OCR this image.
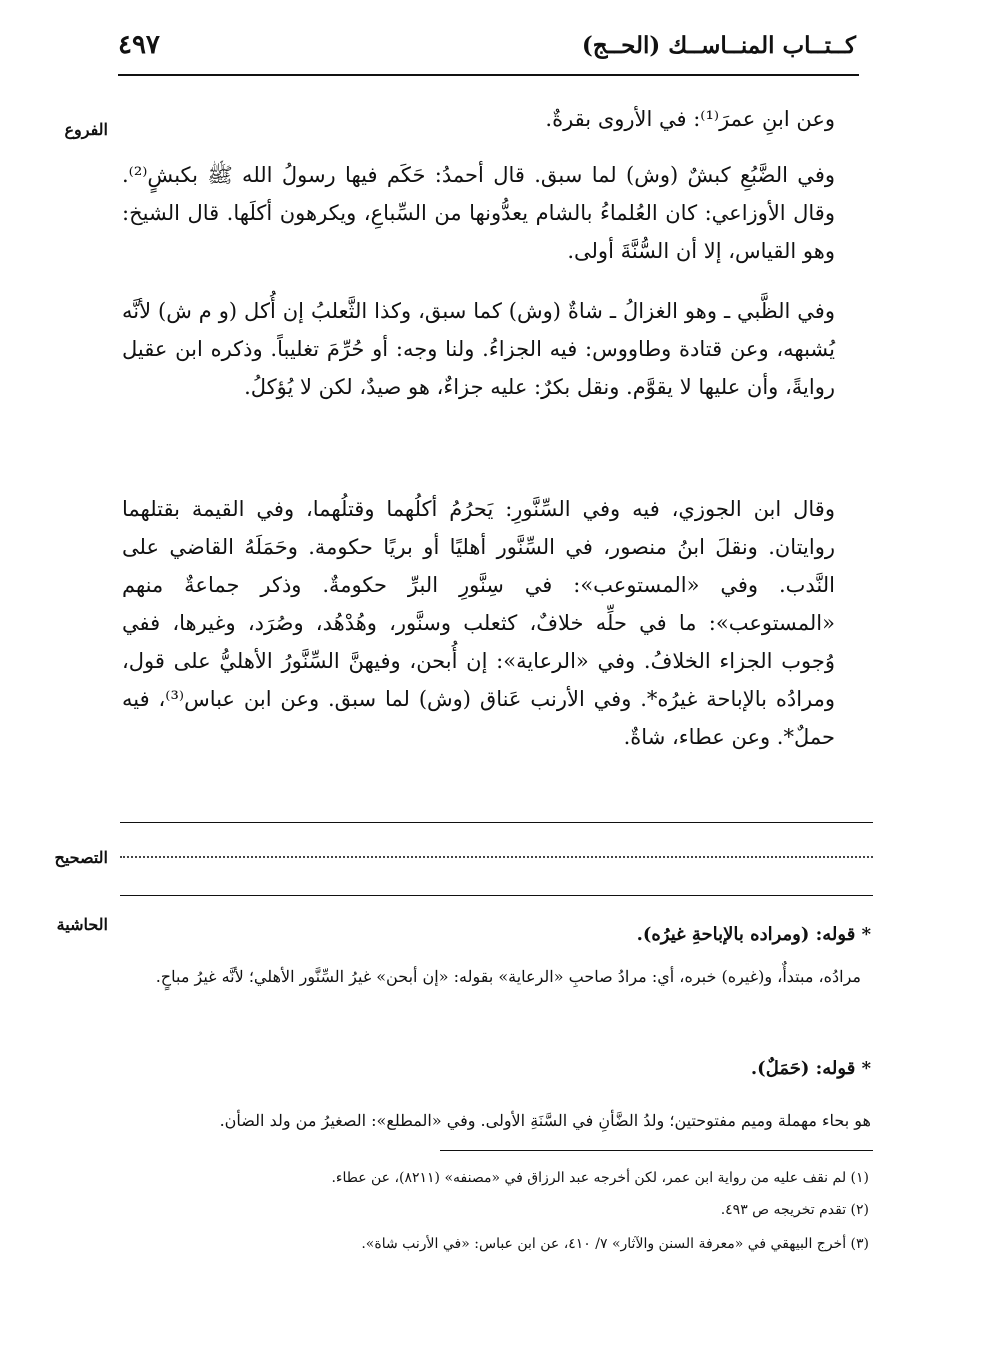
٤٩٧	كــتــاب المنــاســك (الحــج)
الفروع
التصحيح
الحاشية
وعن ابنِ عمرَ⁽¹⁾: في الأروى بقرةٌ.
وفي الضَّبُعِ كبشٌ (وش) لما سبق. قال أحمدُ: حَكَم فيها رسولُ الله ﷺ بكبشٍ⁽²⁾. وقال الأوزاعي: كان العُلماءُ بالشام يعدُّونها من السِّباعِ، ويكرهون أكلَها. قال الشيخ: وهو القياس، إلا أن السُّنَّةَ أولى.
وفي الظَّبي ـ وهو الغزالُ ـ شاةٌ (وش) كما سبق، وكذا الثَّعلبُ إن أُكل (و م ش) لأنَّه يُشبهه، وعن قتادة وطاووس: فيه الجزاءُ. ولنا وجه: أو حُرِّمَ تغليباً. وذكره ابن عقيل روايةً، وأن عليها لا يقوَّم. ونقل بكرٌ: عليه جزاءٌ، هو صيدٌ، لكن لا يُؤكلُ.
وقال ابن الجوزي، فيه وفي السِّنَّورِ: يَحرُمُ أكلُهما وقتلُهما، وفي القيمة بقتلهما روايتان. ونقلَ ابنُ منصور، في السِّنَّور أهليًا أو بريًا حكومة. وحَمَلَهُ القاضي على النَّدب. وفي «المستوعب»: في سِنَّورِ البرِّ حكومةٌ. وذكر جماعةٌ منهم «المستوعب»: ما في حلِّه خلافٌ، كثعلب وسنَّور، وهُدْهُد، وصُرَد، وغيرها، ففي وُجوب الجزاء الخلافُ. وفي «الرعاية»: إن أُبحن، وفيهنَّ السِّنَّورُ الأهليُّ على قول، ومرادُه بالإباحة غيرُه*. وفي الأرنب عَناق (وش) لما سبق. وعن ابن عباس⁽³⁾، فيه حملٌ*. وعن عطاء، شاةٌ.
* قوله: (ومراده بالإباحةِ غيرُه).
مرادُه، مبتدأٌ، و(غيره) خبره، أي: مرادُ صاحبِ «الرعاية» بقوله: «إن أبحن» غيرُ السِّنَّور الأهلي؛ لأنَّه غيرُ مباحٍ.
* قوله: (حَمَلٌ).
هو بحاء مهملة وميم مفتوحتين؛ ولدُ الضَّأنِ في السَّنَةِ الأولى. وفي «المطلع»: الصغيرُ من ولد الضأن.
(١) لم نقف عليه من رواية ابن عمر، لكن أخرجه عبد الرزاق في «مصنفه» (٨٢١١)، عن عطاء.
(٢) تقدم تخريجه ص ٤٩٣.
(٣) أخرج البيهقي في «معرفة السنن والآثار» ٧/ ٤١٠، عن ابن عباس: «في الأرنب شاة».
